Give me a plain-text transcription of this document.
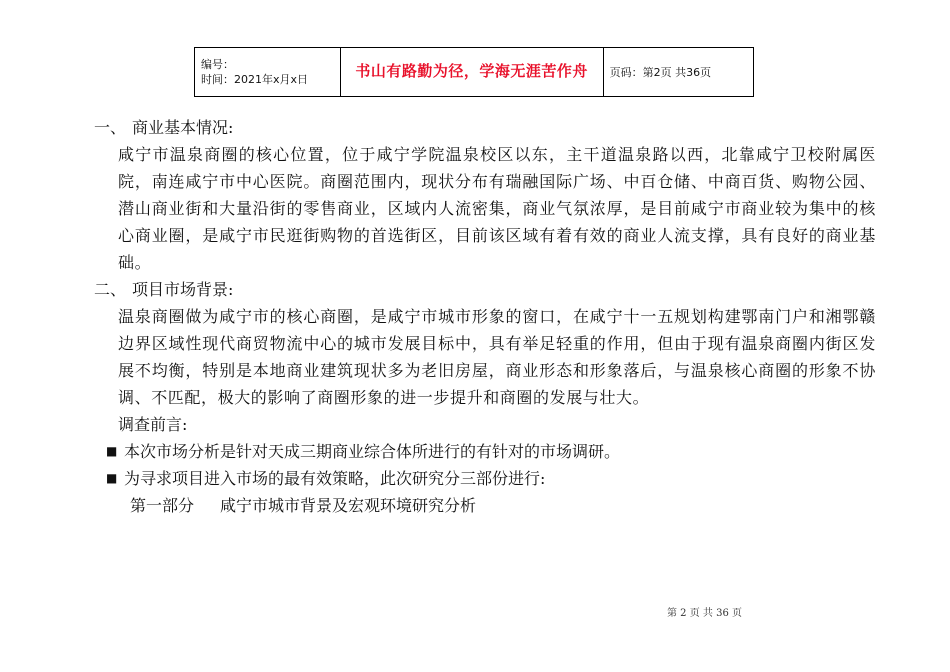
编号：
时间：2021年x月x日	书山有路勤为径，学海无涯苦作舟	页码：第2页 共36页
一、 商业基本情况:
咸宁市温泉商圈的核心位置，位于咸宁学院温泉校区以东，主干道温泉路以西，北靠咸宁卫校附属医院，南连咸宁市中心医院。商圈范围内，现状分布有瑞融国际广场、中百仓储、中商百货、购物公园、潜山商业街和大量沿街的零售商业，区域内人流密集，商业气氛浓厚，是目前咸宁市商业较为集中的核心商业圈，是咸宁市民逛街购物的首选街区，目前该区域有着有效的商业人流支撑，具有良好的商业基础。
二、 项目市场背景:
温泉商圈做为咸宁市的核心商圈，是咸宁市城市形象的窗口，在咸宁十一五规划构建鄂南门户和湘鄂赣边界区域性现代商贸物流中心的城市发展目标中，具有举足轻重的作用，但由于现有温泉商圈内街区发展不均衡，特别是本地商业建筑现状多为老旧房屋，商业形态和形象落后，与温泉核心商圈的形象不协调、不匹配，极大的影响了商圈形象的进一步提升和商圈的发展与壮大。
调查前言:
■ 本次市场分析是针对天成三期商业综合体所进行的有针对的市场调研。
■ 为寻求项目进入市场的最有效策略，此次研究分三部份进行:
第一部分 咸宁市城市背景及宏观环境研究分析
第 2 页 共 36 页
